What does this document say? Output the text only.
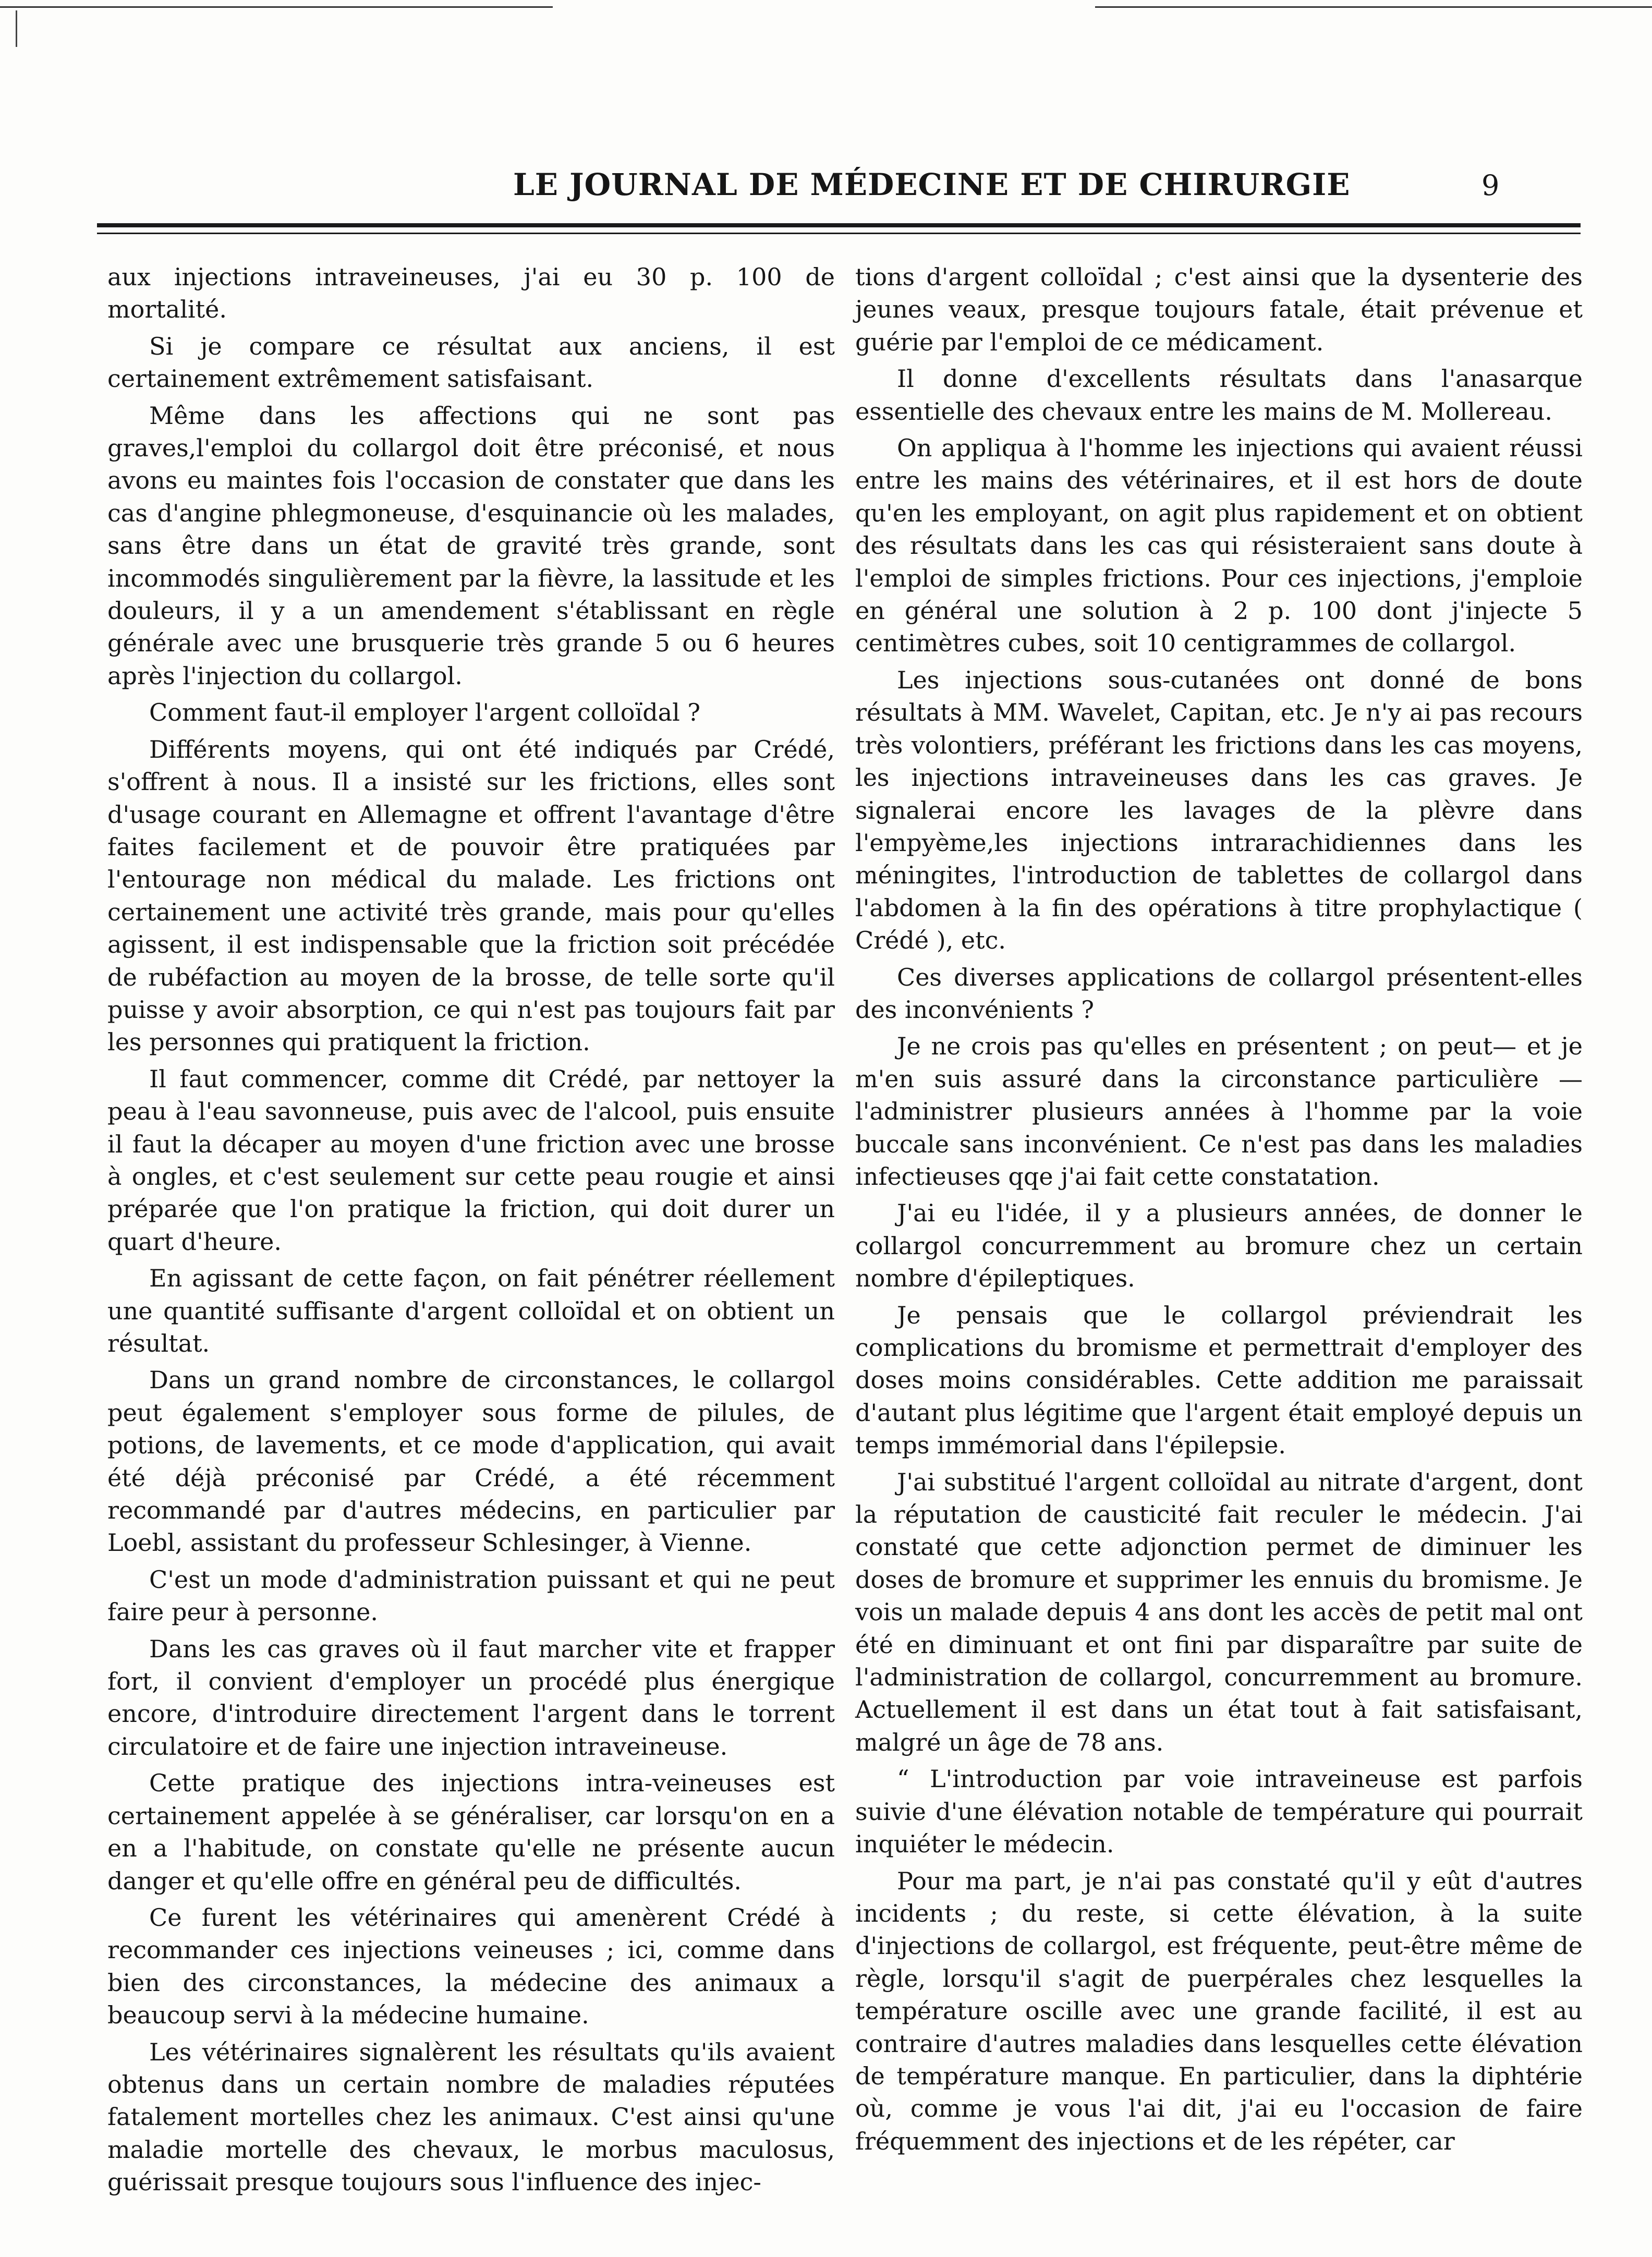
LE JOURNAL DE MÉDECINE ET DE CHIRURGIE	9

aux injections intraveineuses, j'ai eu 30 p. 100 de mortalité.

Si je compare ce résultat aux anciens, il est certainement extrêmement satisfaisant.

Même dans les affections qui ne sont pas graves,l'emploi du collargol doit être préconisé, et nous avons eu maintes fois l'occasion de constater que dans les cas d'angine phlegmoneuse, d'esquinancie où les malades, sans être dans un état de gravité très grande, sont incommodés singulièrement par la fièvre, la lassitude et les douleurs, il y a un amendement s'établissant en règle générale avec une brusquerie très grande 5 ou 6 heures après l'injection du collargol.

Comment faut-il employer l'argent colloïdal ?

Différents moyens, qui ont été indiqués par Crédé, s'offrent à nous. Il a insisté sur les frictions, elles sont d'usage courant en Allemagne et offrent l'avantage d'être faites facilement et de pouvoir être pratiquées par l'entourage non médical du malade. Les frictions ont certainement une activité très grande, mais pour qu'elles agissent, il est indispensable que la friction soit précédée de rubéfaction au moyen de la brosse, de telle sorte qu'il puisse y avoir absorption, ce qui n'est pas toujours fait par les personnes qui pratiquent la friction.

Il faut commencer, comme dit Crédé, par nettoyer la peau à l'eau savonneuse, puis avec de l'alcool, puis ensuite il faut la décaper au moyen d'une friction avec une brosse à ongles, et c'est seulement sur cette peau rougie et ainsi préparée que l'on pratique la friction, qui doit durer un quart d'heure.

En agissant de cette façon, on fait pénétrer réellement une quantité suffisante d'argent colloïdal et on obtient un résultat.

Dans un grand nombre de circonstances, le collargol peut également s'employer sous forme de pilules, de potions, de lavements, et ce mode d'application, qui avait été déjà préconisé par Crédé, a été récemment recommandé par d'autres médecins, en particulier par Loebl, assistant du professeur Schlesinger, à Vienne.

C'est un mode d'administration puissant et qui ne peut faire peur à personne.

Dans les cas graves où il faut marcher vite et frapper fort, il convient d'employer un procédé plus énergique encore, d'introduire directement l'argent dans le torrent circulatoire et de faire une injection intraveineuse.

Cette pratique des injections intra-veineuses est certainement appelée à se généraliser, car lorsqu'on en a en a l'habitude, on constate qu'elle ne présente aucun danger et qu'elle offre en général peu de difficultés.

Ce furent les vétérinaires qui amenèrent Crédé à recommander ces injections veineuses ; ici, comme dans bien des circonstances, la médecine des animaux a beaucoup servi à la médecine humaine.

Les vétérinaires signalèrent les résultats qu'ils avaient obtenus dans un certain nombre de maladies réputées fatalement mortelles chez les animaux. C'est ainsi qu'une maladie mortelle des chevaux, le morbus maculosus, guérissait presque toujours sous l'influence des injec-

tions d'argent colloïdal ; c'est ainsi que la dysenterie des jeunes veaux, presque toujours fatale, était prévenue et guérie par l'emploi de ce médicament.

Il donne d'excellents résultats dans l'anasarque essentielle des chevaux entre les mains de M. Mollereau.

On appliqua à l'homme les injections qui avaient réussi entre les mains des vétérinaires, et il est hors de doute qu'en les employant, on agit plus rapidement et on obtient des résultats dans les cas qui résisteraient sans doute à l'emploi de simples frictions. Pour ces injections, j'emploie en général une solution à 2 p. 100 dont j'injecte 5 centimètres cubes, soit 10 centigrammes de collargol.

Les injections sous-cutanées ont donné de bons résultats à MM. Wavelet, Capitan, etc. Je n'y ai pas recours très volontiers, préférant les frictions dans les cas moyens, les injections intraveineuses dans les cas graves. Je signalerai encore les lavages de la plèvre dans l'empyème,les injections intrarachidiennes dans les méningites, l'introduction de tablettes de collargol dans l'abdomen à la fin des opérations à titre prophylactique ( Crédé ), etc.

Ces diverses applications de collargol présentent-elles des inconvénients ?

Je ne crois pas qu'elles en présentent ; on peut— et je m'en suis assuré dans la circonstance particulière — l'administrer plusieurs années à l'homme par la voie buccale sans inconvénient. Ce n'est pas dans les maladies infectieuses qqe j'ai fait cette constatation.

J'ai eu l'idée, il y a plusieurs années, de donner le collargol concurremment au bromure chez un certain nombre d'épileptiques.

Je pensais que le collargol préviendrait les complications du bromisme et permettrait d'employer des doses moins considérables. Cette addition me paraissait d'autant plus légitime que l'argent était employé depuis un temps immémorial dans l'épilepsie.

J'ai substitué l'argent colloïdal au nitrate d'argent, dont la réputation de causticité fait reculer le médecin. J'ai constaté que cette adjonction permet de diminuer les doses de bromure et supprimer les ennuis du bromisme. Je vois un malade depuis 4 ans dont les accès de petit mal ont été en diminuant et ont fini par disparaître par suite de l'administration de collargol, concurremment au bromure. Actuellement il est dans un état tout à fait satisfaisant, malgré un âge de 78 ans.

“ L'introduction par voie intraveineuse est parfois suivie d'une élévation notable de température qui pourrait inquiéter le médecin.

Pour ma part, je n'ai pas constaté qu'il y eût d'autres incidents ; du reste, si cette élévation, à la suite d'injections de collargol, est fréquente, peut-être même de règle, lorsqu'il s'agit de puerpérales chez lesquelles la température oscille avec une grande facilité, il est au contraire d'autres maladies dans lesquelles cette élévation de température manque. En particulier, dans la diphtérie où, comme je vous l'ai dit, j'ai eu l'occasion de faire fréquemment des injections et de les répéter, car
